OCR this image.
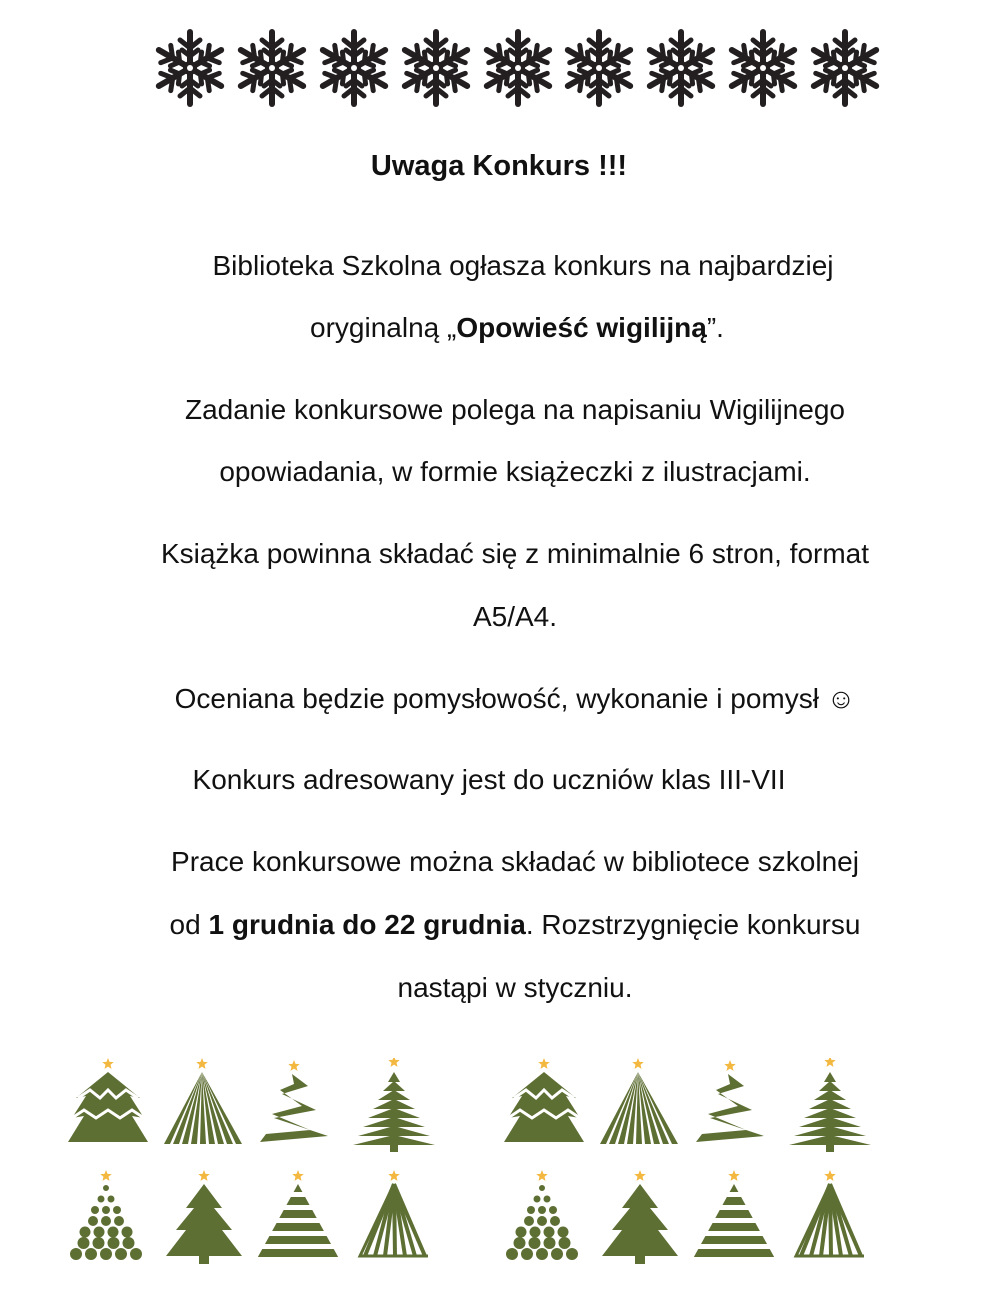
Uwaga Konkurs !!!
Biblioteka Szkolna ogłasza konkurs na najbardziej
oryginalną „Opowieść wigilijną”.
Zadanie konkursowe polega na napisaniu Wigilijnego
opowiadania, w formie książeczki z ilustracjami.
Książka powinna składać się z minimalnie 6 stron, format
A5/A4.
Oceniana będzie pomysłowość, wykonanie i pomysł ☺
Konkurs adresowany jest do uczniów klas III-VII
Prace konkursowe można składać w bibliotece szkolnej
od 1 grudnia do 22 grudnia. Rozstrzygnięcie konkursu
nastąpi w styczniu.
